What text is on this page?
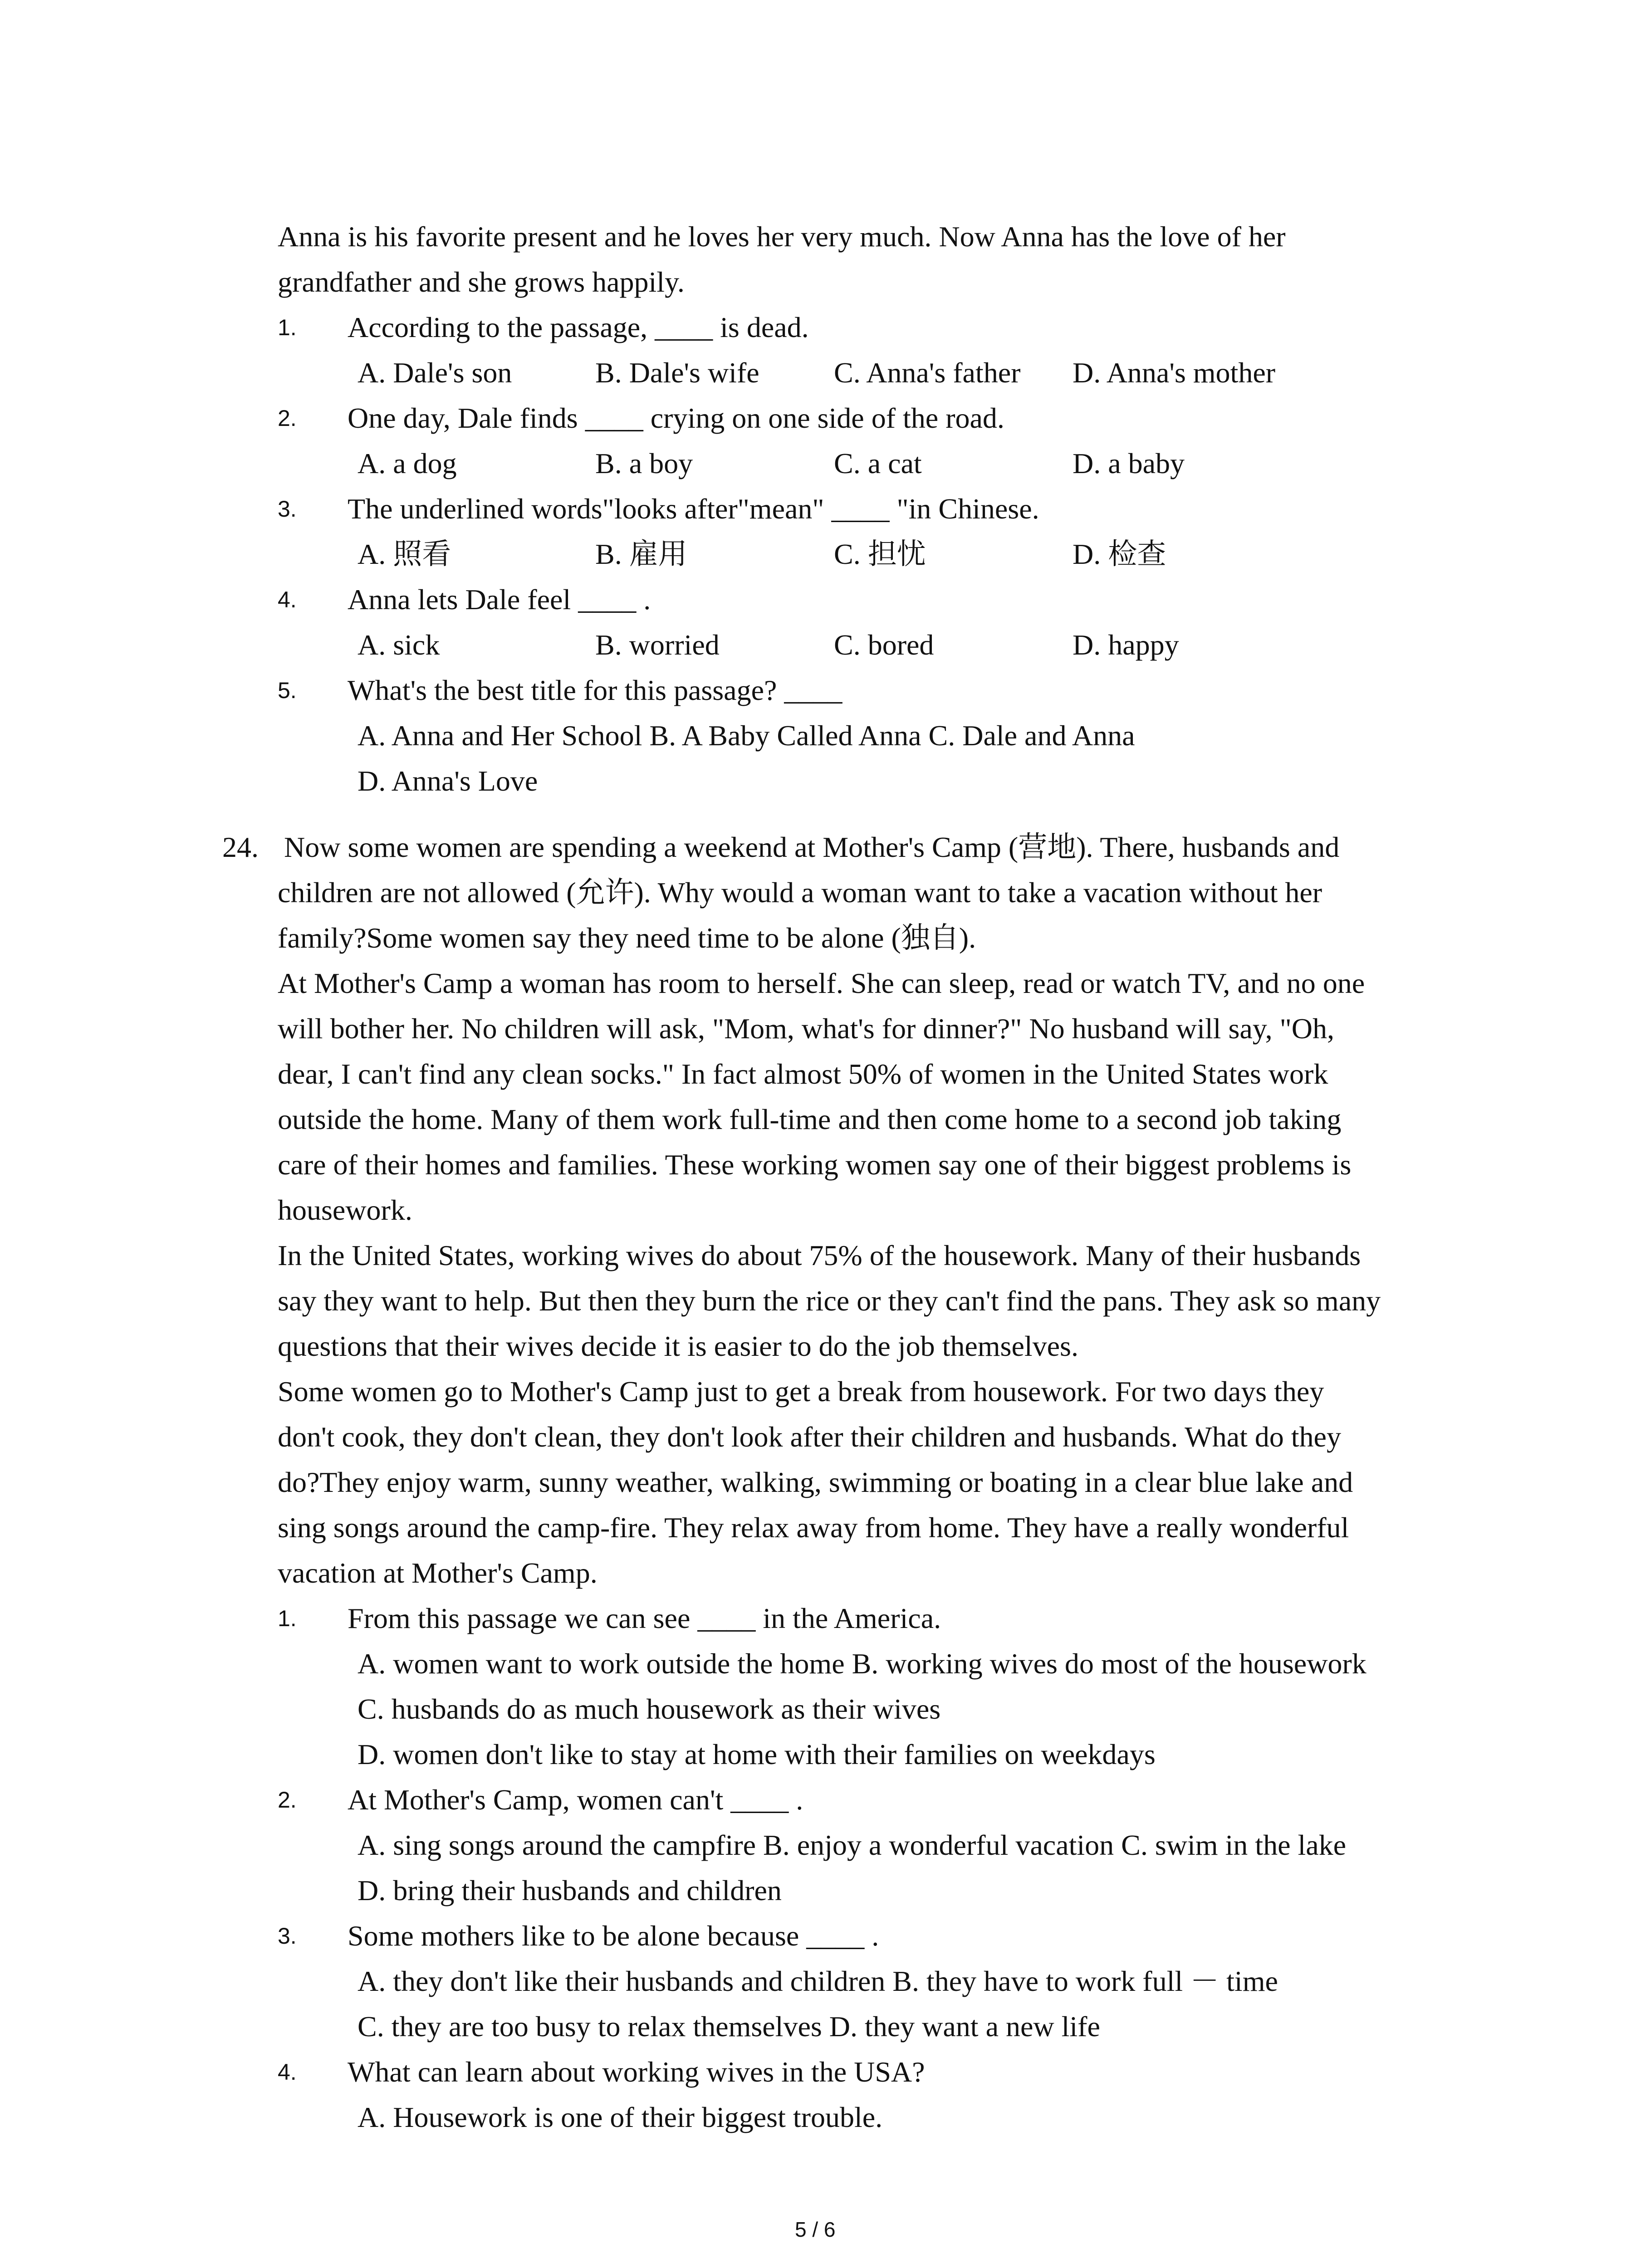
Anna is his favorite present and he loves her very much. Now Anna has the love of her
grandfather and she grows happily.
1. According to the passage, ____ is dead.
A. Dale's son	B. Dale's wife	C. Anna's father D. Anna's mother
2. One day, Dale finds ____ crying on one side of the road.
A. a dog	B. a boy	C. a cat	D. a baby
3. The underlined words"looks after"mean" ____ "in Chinese.
A. 照看	B. 雇用	C. 担忧	D. 检查
4. Anna lets Dale feel ____ .
A. sick	B. worried	C. bored	D. happy
5. What's the best title for this passage? ____
A. Anna and Her School B. A Baby Called Anna C. Dale and Anna
D. Anna's Love
24. Now some women are spending a weekend at Mother's Camp (营地). There, husbands and
children are not allowed (允许). Why would a woman want to take a vacation without her
family?Some women say they need time to be alone (独自).
At Mother's Camp a woman has room to herself. She can sleep, read or watch TV, and no one
will bother her. No children will ask, "Mom, what's for dinner?" No husband will say, "Oh,
dear, I can't find any clean socks." In fact almost 50% of women in the United States work
outside the home. Many of them work full-time and then come home to a second job taking
care of their homes and families. These working women say one of their biggest problems is
housework.
In the United States, working wives do about 75% of the housework. Many of their husbands
say they want to help. But then they burn the rice or they can't find the pans. They ask so many
questions that their wives decide it is easier to do the job themselves.
Some women go to Mother's Camp just to get a break from housework. For two days they
don't cook, they don't clean, they don't look after their children and husbands. What do they
do?They enjoy warm, sunny weather, walking, swimming or boating in a clear blue lake and
sing songs around the camp-fire. They relax away from home. They have a really wonderful
vacation at Mother's Camp.
1. From this passage we can see ____ in the America.
A. women want to work outside the home B. working wives do most of the housework
C. husbands do as much housework as their wives
D. women don't like to stay at home with their families on weekdays
2. At Mother's Camp, women can't ____ .
A. sing songs around the campfire B. enjoy a wonderful vacation C. swim in the lake
D. bring their husbands and children
3. Some mothers like to be alone because ____ .
A. they don't like their husbands and children B. they have to work full － time
C. they are too busy to relax themselves D. they want a new life
4. What can learn about working wives in the USA?
A. Housework is one of their biggest trouble.
5 / 6
